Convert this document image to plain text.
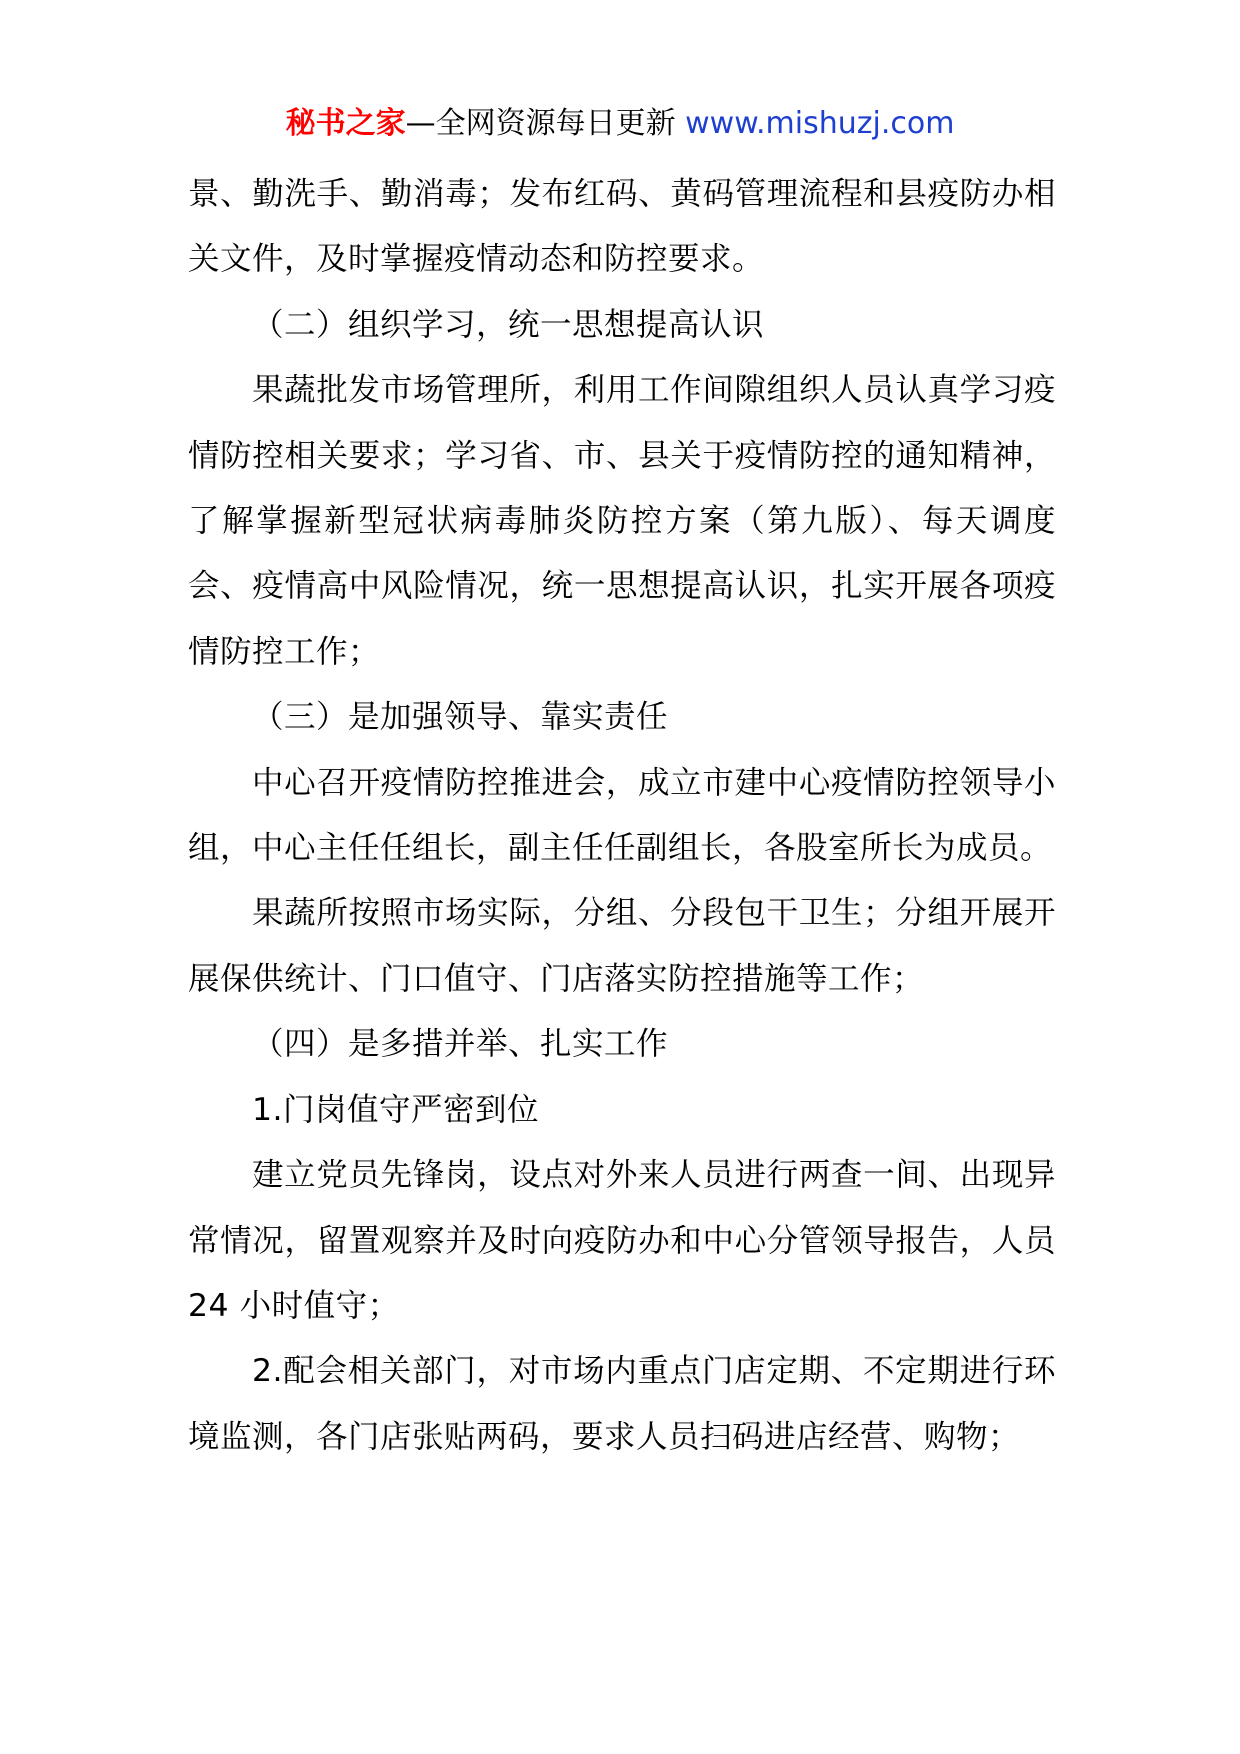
秘书之家—全网资源每日更新 www.mishuzj.com

景、勤洗手、勤消毒；发布红码、黄码管理流程和县疫防办相关文件，及时掌握疫情动态和防控要求。

（二）组织学习，统一思想提高认识

果蔬批发市场管理所，利用工作间隙组织人员认真学习疫情防控相关要求；学习省、市、县关于疫情防控的通知精神，了解掌握新型冠状病毒肺炎防控方案（第九版）、每天调度会、疫情高中风险情况，统一思想提高认识，扎实开展各项疫情防控工作；

（三）是加强领导、靠实责任

中心召开疫情防控推进会，成立市建中心疫情防控领导小组，中心主任任组长，副主任任副组长，各股室所长为成员。

果蔬所按照市场实际，分组、分段包干卫生；分组开展开展保供统计、门口值守、门店落实防控措施等工作；

（四）是多措并举、扎实工作

1.门岗值守严密到位

建立党员先锋岗，设点对外来人员进行两查一间、出现异常情况，留置观察并及时向疫防办和中心分管领导报告，人员 24 小时值守；

2.配会相关部门，对市场内重点门店定期、不定期进行环境监测，各门店张贴两码，要求人员扫码进店经营、购物；
